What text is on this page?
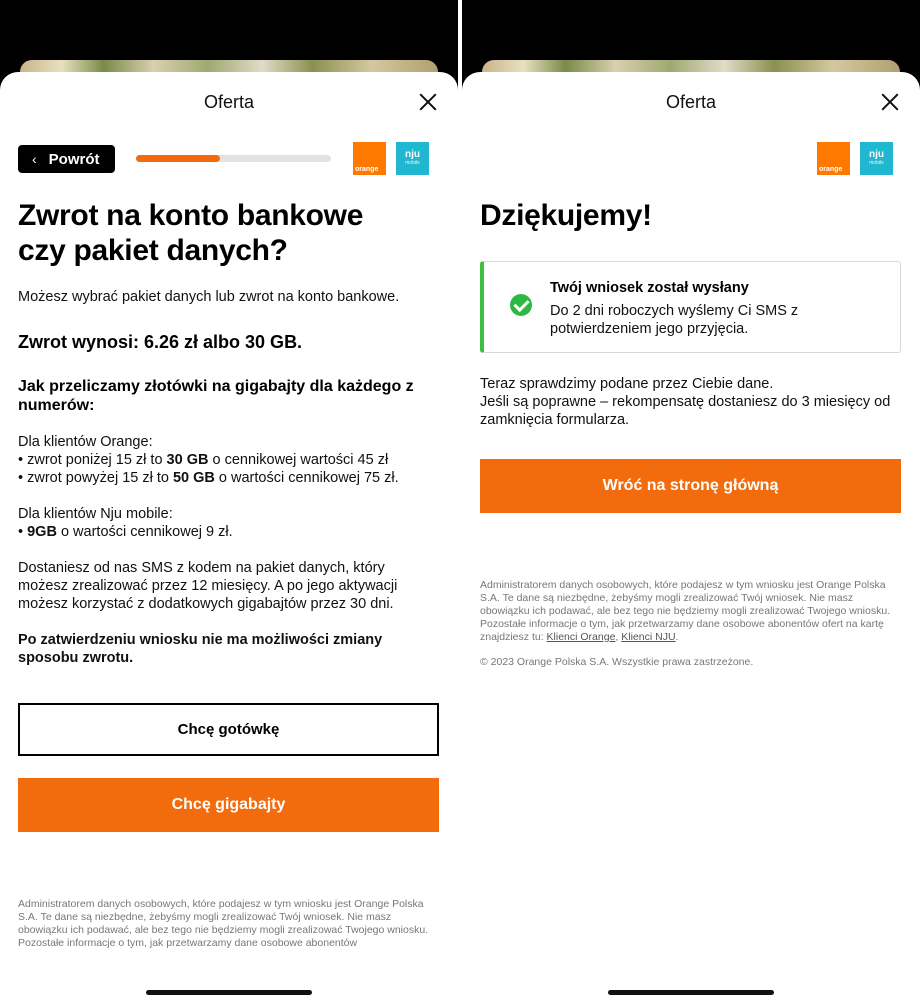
Oferta
‹ Powrót
orange
nju
mobile
Zwrot na konto bankowe czy pakiet danych?

Możesz wybrać pakiet danych lub zwrot na konto bankowe.

Zwrot wynosi: 6.26 zł albo 30 GB.

Jak przeliczamy złotówki na gigabajty dla każdego z numerów:

Dla klientów Orange:

• zwrot poniżej 15 zł to 30 GB o cennikowej wartości 45 zł

• zwrot powyżej 15 zł to 50 GB o wartości cennikowej 75 zł.

Dla klientów Nju mobile:

• 9GB o wartości cennikowej 9 zł.

Dostaniesz od nas SMS z kodem na pakiet danych, który możesz zrealizować przez 12 miesięcy. A po jego aktywacji możesz korzystać z dodatkowych gigabajtów przez 30 dni.

Po zatwierdzeniu wniosku nie ma możliwości zmiany sposobu zwrotu.

Chcę gotówkę
Chcę gigabajty

Administratorem danych osobowych, które podajesz w tym wniosku jest Orange Polska S.A. Te dane są niezbędne, żebyśmy mogli zrealizować Twój wniosek. Nie masz obowiązku ich podawać, ale bez tego nie będziemy mogli zrealizować Twojego wniosku. Pozostałe informacje o tym, jak przetwarzamy dane osobowe abonentów

Oferta
orange
nju
mobile
Dziękujemy!
Twój wniosek został wysłany
Do 2 dni roboczych wyślemy Ci SMS z potwierdzeniem jego przyjęcia.

Teraz sprawdzimy podane przez Ciebie dane.

Jeśli są poprawne – rekompensatę dostaniesz do 3 miesięcy od zamknięcia formularza.

Wróć na stronę główną

Administratorem danych osobowych, które podajesz w tym wniosku jest Orange Polska S.A. Te dane są niezbędne, żebyśmy mogli zrealizować Twój wniosek. Nie masz obowiązku ich podawać, ale bez tego nie będziemy mogli zrealizować Twojego wniosku. Pozostałe informacje o tym, jak przetwarzamy dane osobowe abonentów ofert na kartę znajdziesz tu: Klienci Orange, Klienci NJU.

© 2023 Orange Polska S.A. Wszystkie prawa zastrzeżone.
